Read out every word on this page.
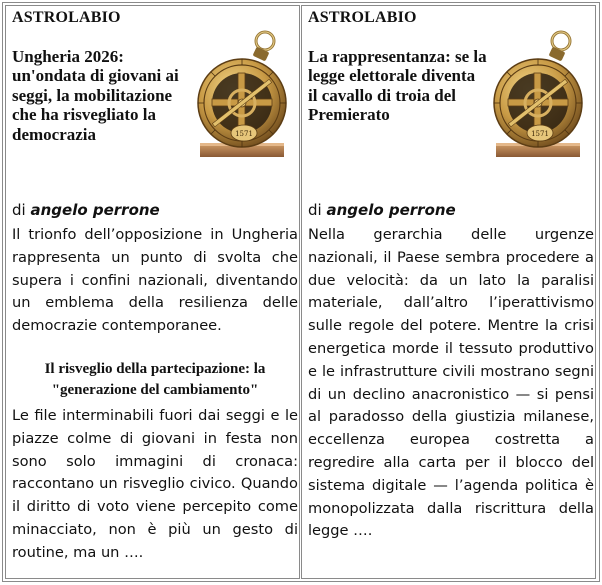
ASTROLABIO
Ungheria 2026: un'ondata di giovani ai seggi, la mobilitazione che ha risvegliato la democrazia	1571
di angelo perrone
Il trionfo dell’opposizione in Ungheria rappresenta un punto di svolta che supera i confini nazionali, diventando un emblema della resilienza delle democrazie contemporanee.
Il risveglio della partecipazione: la "generazione del cambiamento"
Le file interminabili fuori dai seggi e le piazze colme di giovani in festa non sono solo immagini di cronaca: raccontano un risveglio civico. Quando il diritto di voto viene percepito come minacciato, non è più un gesto di routine, ma un ….
ASTROLABIO
La rappresentanza: se la legge elettorale diventa il cavallo di troia del Premierato
1571
di angelo perrone
Nella gerarchia delle urgenze nazionali, il Paese sembra procedere a due velocità: da un lato la paralisi materiale, dall’altro l’iperattivismo sulle regole del potere. Mentre la crisi energetica morde il tessuto produttivo e le infrastrutture civili mostrano segni di un declino anacronistico — si pensi al paradosso della giustizia milanese, eccellenza europea costretta a regredire alla carta per il blocco del sistema digitale — l’agenda politica è monopolizzata dalla riscrittura della legge ….
